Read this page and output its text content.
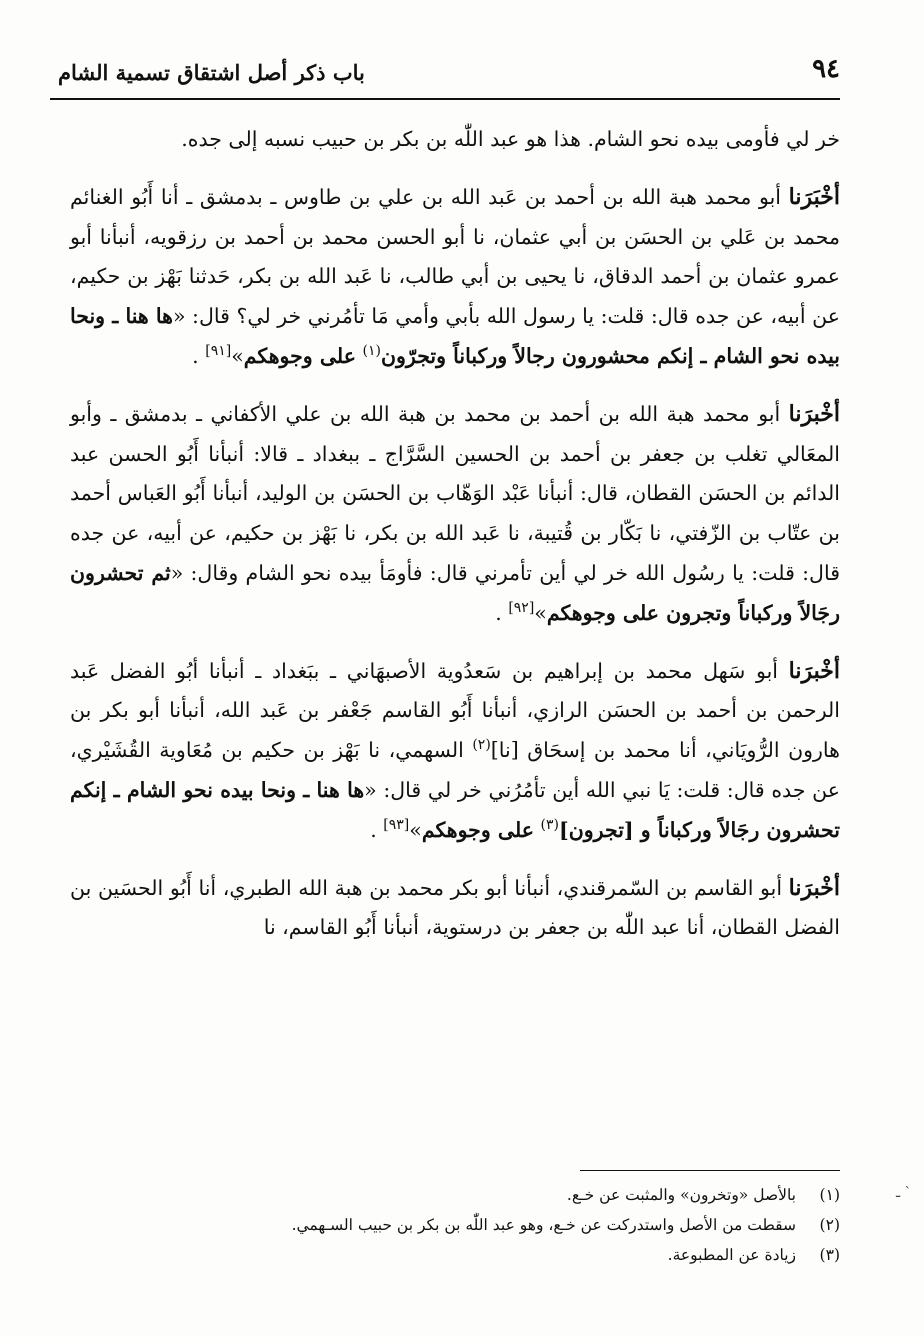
٩٤
باب ذكر أصل اشتقاق تسمية الشام

خر لي فأومى بيده نحو الشام. هذا هو عبد اللّٰه بن بكر بن حبيب نسبه إلى جده.

أخْبَرَنا أبو محمد هبة الله بن أحمد بن عَبد الله بن علي بن طاوس ـ بدمشق ـ أنا أَبُو الغنائم محمد بن عَلي بن الحسَن بن أبي عثمان، نا أبو الحسن محمد بن أحمد بن رزقويه، أنبأنا أبو عمرو عثمان بن أحمد الدقاق، نا يحيى بن أبي طالب، نا عَبد الله بن بكر، حَدثنا بَهْز بن حكيم، عن أبيه، عن جده قال: قلت: يا رسول الله بأبي وأمي مَا تأمُرني خر لي؟ قال: «ها هنا ـ ونحا بيده نحو الشام ـ إنكم محشورون رجالاً وركباناً وتجرّون$^{(١)}$ على وجوهكم»[٩١] .

أخْبرَنا أبو محمد هبة الله بن أحمد بن محمد بن هبة الله بن علي الأكفاني ـ بدمشق ـ وأبو المعَالي تغلب بن جعفر بن أحمد بن الحسين السَّرَّاج ـ ببغداد ـ قالا: أنبأنا أَبُو الحسن عبد الدائم بن الحسَن القطان، قال: أنبأنا عَبْد الوَهّاب بن الحسَن بن الوليد، أنبأنا أَبُو العَباس أحمد بن عتّاب بن الزّفتي، نا بَكّار بن قُتيبة، نا عَبد الله بن بكر، نا بَهْز بن حكيم، عن أبيه، عن جده قال: قلت: يا رسُول الله خر لي أين تأمرني قال: فأومَأ بيده نحو الشام وقال: «ثم تحشرون رجَالاً وركباناً وتجرون على وجوهكم»[٩٢] .

أخْبرَنا أبو سَهل محمد بن إبراهيم بن سَعدُوية الأصبهَاني ـ ببَغداد ـ أنبأنا أبُو الفضل عَبد الرحمن بن أحمد بن الحسَن الرازي، أنبأنا أَبُو القاسم جَعْفر بن عَبد الله، أنبأنا أبو بكر بن هارون الرُّويَاني، أنا محمد بن إسحَاق [نا]$^{(٢)}$ السهمي، نا بَهْز بن حكيم بن مُعَاوية القُشَيْري، عن جده قال: قلت: يَا نبي الله أين تأمُرُني خر لي قال: «ها هنا ـ ونحا بيده نحو الشام ـ إنكم تحشرون رجَالاً وركباناً و [تجرون]$^{(٣)}$ على وجوهكم»[٩٣] .

أخْبرَنا أبو القاسم بن السّمرقندي، أنبأنا أبو بكر محمد بن هبة الله الطبري، أنا أَبُو الحسَين بن الفضل القطان، أنا عبد اللّٰه بن جعفر بن درستوية، أنبأنا أَبُو القاسم، نا

(١)
بالأصل «وتخرون» والمثبت عن خـع.
(٢)
سقطت من الأصل واستدركت عن خـع، وهو عبد اللّٰه بن بكر بن حبيب السـهمي.
(٣)
زيادة عن المطبوعة.
` ـ
